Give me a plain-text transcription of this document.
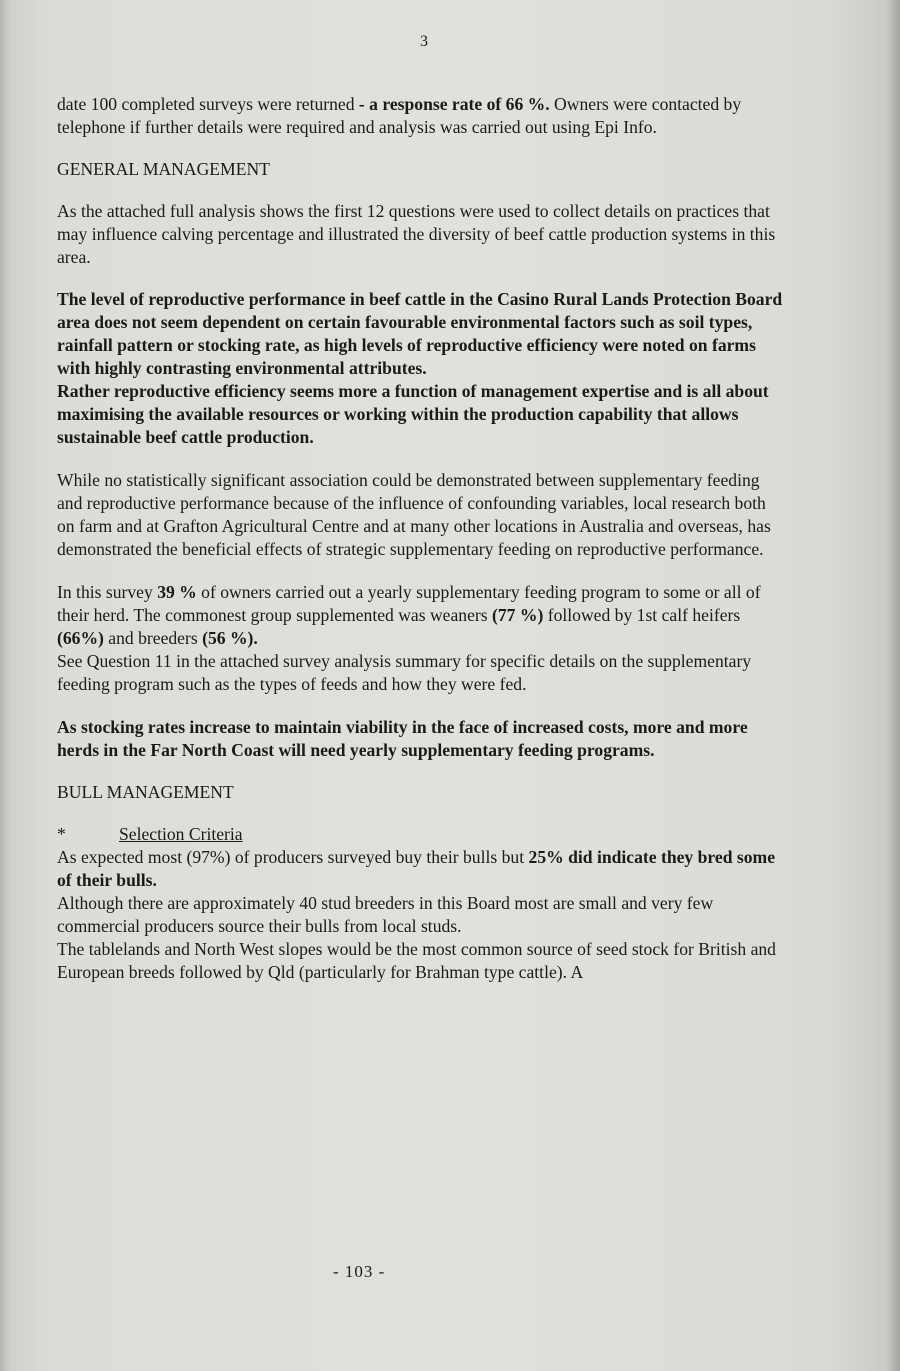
3

date 100 completed surveys were returned - a response rate of 66 %. Owners were contacted by telephone if further details were required and analysis was carried out using Epi Info.

GENERAL MANAGEMENT

As the attached full analysis shows the first 12 questions were used to collect details on practices that may influence calving percentage and illustrated the diversity of beef cattle production systems in this area.

The level of reproductive performance in beef cattle in the Casino Rural Lands Protection Board area does not seem dependent on certain favourable environmental factors such as soil types, rainfall pattern or stocking rate, as high levels of reproductive efficiency were noted on farms with highly contrasting environmental attributes.

Rather reproductive efficiency seems more a function of management expertise and is all about maximising the available resources or working within the production capability that allows sustainable beef cattle production.

While no statistically significant association could be demonstrated between supplementary feeding and reproductive performance because of the influence of confounding variables, local research both on farm and at Grafton Agricultural Centre and at many other locations in Australia and overseas, has demonstrated the beneficial effects of strategic supplementary feeding on reproductive performance.

In this survey 39 % of owners carried out a yearly supplementary feeding program to some or all of their herd. The commonest group supplemented was weaners (77 %) followed by 1st calf heifers (66%) and breeders (56 %).

See Question 11 in the attached survey analysis summary for specific details on the supplementary feeding program such as the types of feeds and how they were fed.

As stocking rates increase to maintain viability in the face of increased costs, more and more herds in the Far North Coast will need yearly supplementary feeding programs.

BULL MANAGEMENT

*	Selection Criteria

As expected most (97%) of producers surveyed buy their bulls but 25% did indicate they bred some of their bulls.

Although there are approximately 40 stud breeders in this Board most are small and very few commercial producers source their bulls from local studs.

The tablelands and North West slopes would be the most common source of seed stock for British and European breeds followed by Qld (particularly for Brahman type cattle). A

- 103 -
